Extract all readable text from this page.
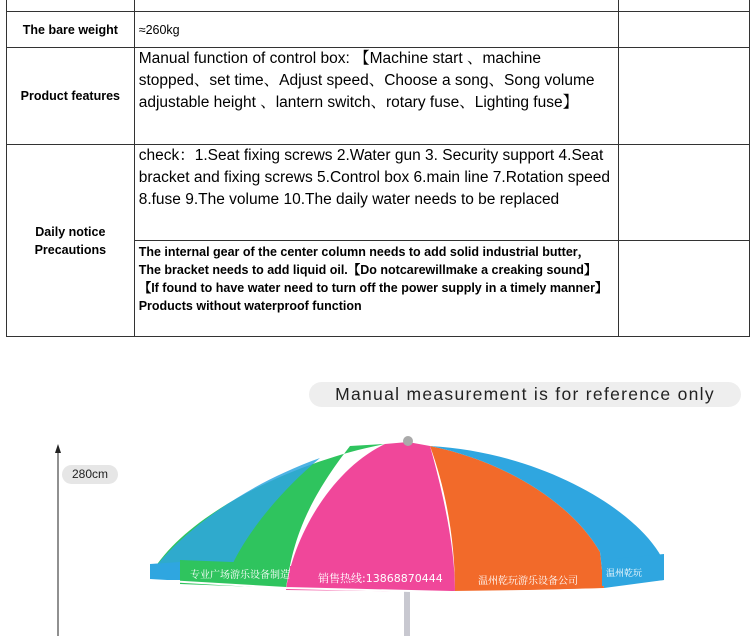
The bare weight	≈260kg	
Product features	Manual function of control box: 【Machine start 、machine stopped、set time、Adjust speed、Choose a song、Song volume adjustable height 、lantern switch、rotary fuse、Lighting fuse】	
Daily notice Precautions	check：1.Seat fixing screws 2.Water gun 3. Security support 4.Seat bracket and fixing screws 5.Control box 6.main line 7.Rotation speed 8.fuse 9.The volume 10.The daily water needs to be replaced	

	The internal gear of the center column needs to add solid industrial butter， The bracket needs to add liquid oil.【Do notcarewillmake a creaking sound】
【If found to have water need to turn off the power supply in a timely manner】Products without waterproof function	

Manual measurement is for reference only
280cm
专业广场游乐设备制造	销售热线:13868870444	温州乾玩游乐设备公司
温州乾玩
